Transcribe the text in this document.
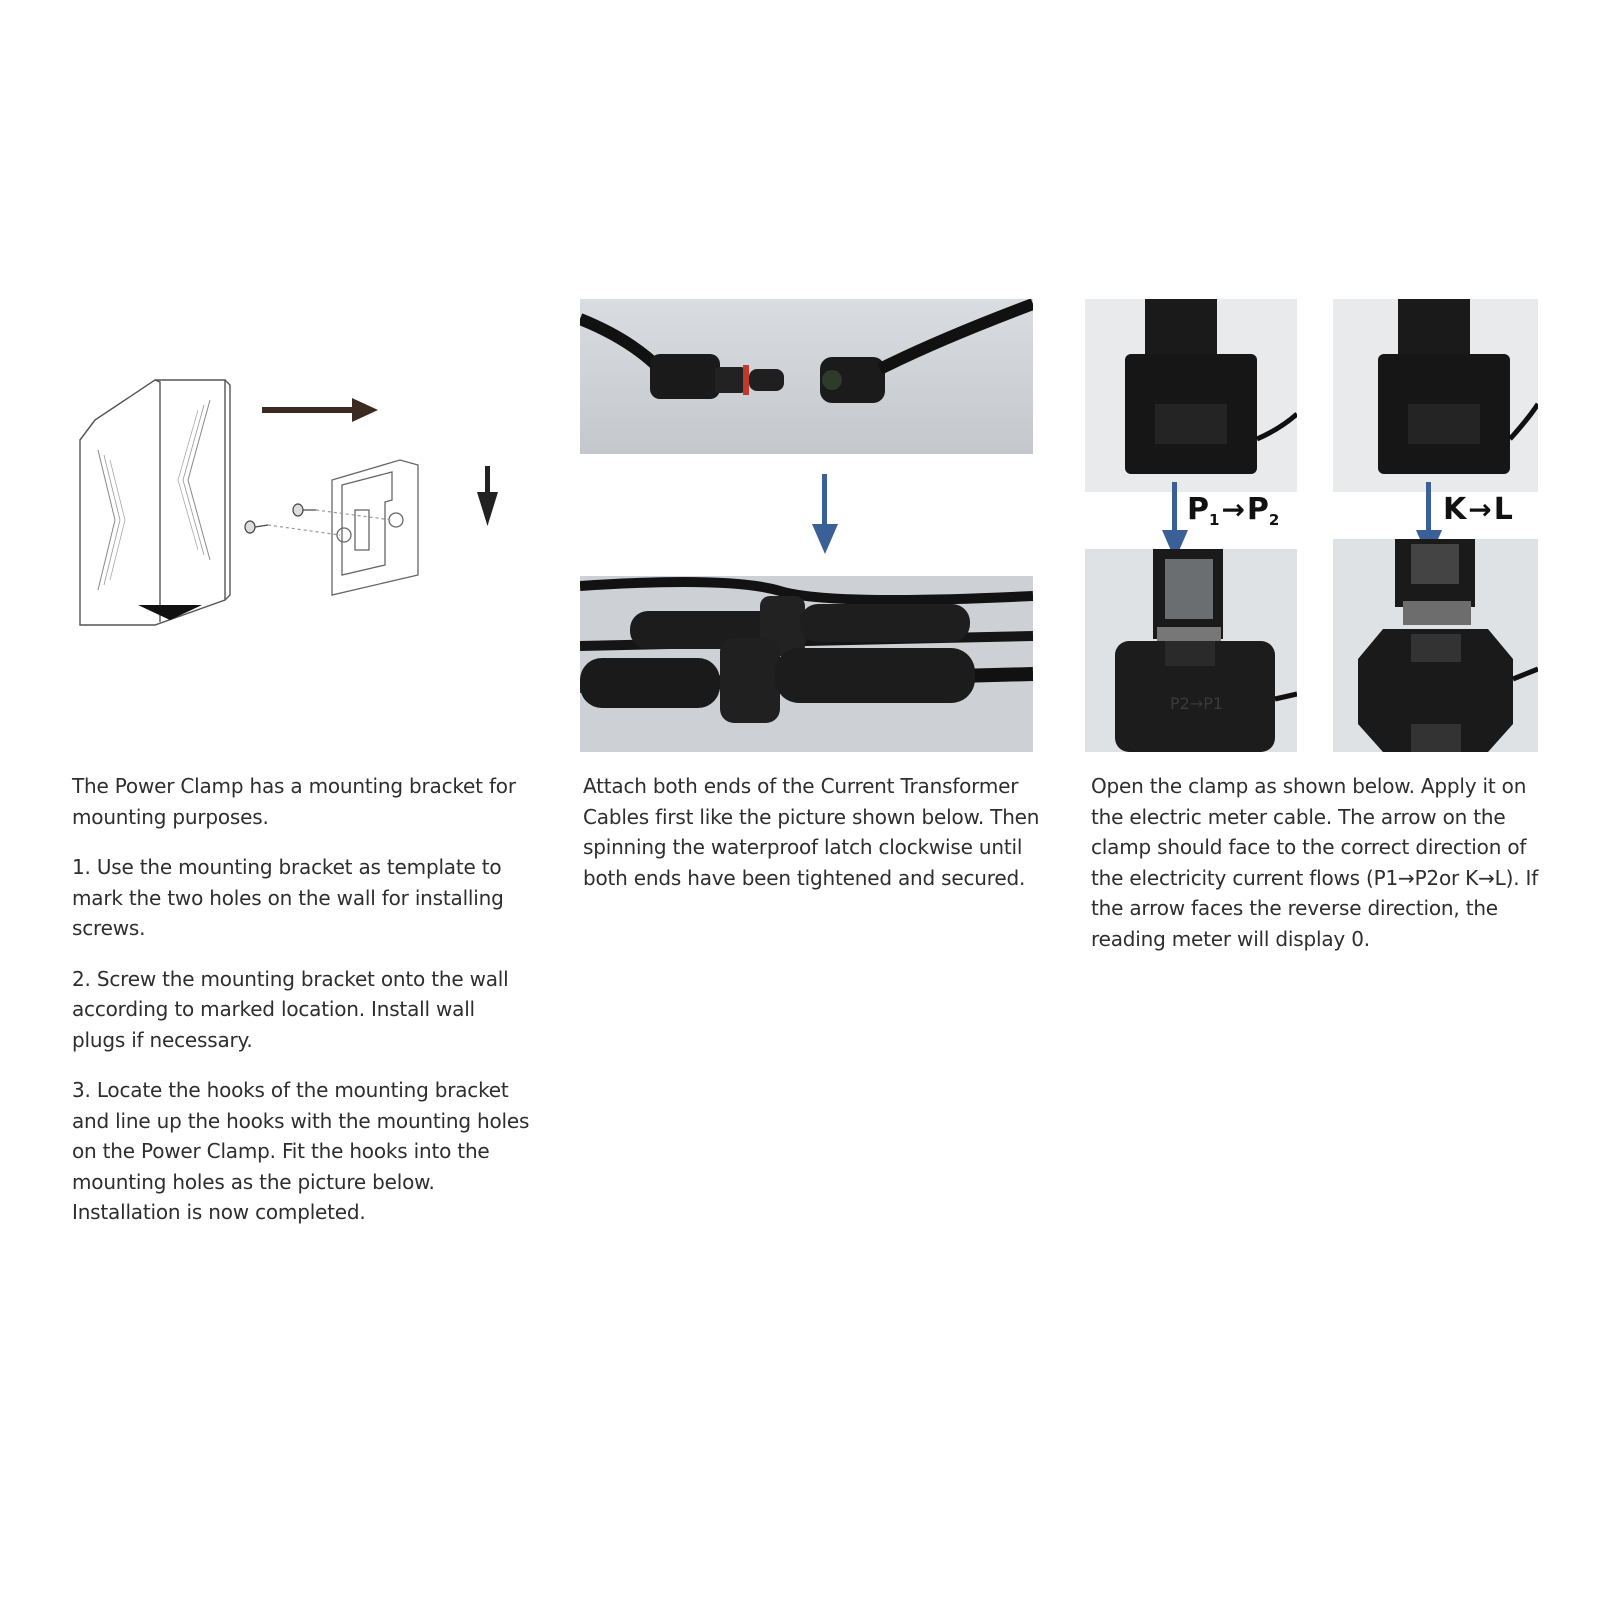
The Power Clamp has a mounting bracket for mounting purposes.

1. Use the mounting bracket as template to mark the two holes on the wall for installing screws.

2. Screw the mounting bracket onto the wall according to marked location. Install wall plugs if necessary.

3. Locate the hooks of the mounting bracket and line up the hooks with the mounting holes on the Power Clamp. Fit the hooks into the mounting holes as the picture below. Installation is now completed.

Attach both ends of the Current Transformer Cables first like the picture shown below. Then spinning the waterproof latch clockwise until both ends have been tightened and secured.

$P_1\to P_2$	K→L
P2→P1

Open the clamp as shown below. Apply it on the electric meter cable. The arrow on the clamp should face to the correct direction of the electricity current flows (P1→P2or K→L). If the arrow faces the reverse direction, the reading meter will display 0.
